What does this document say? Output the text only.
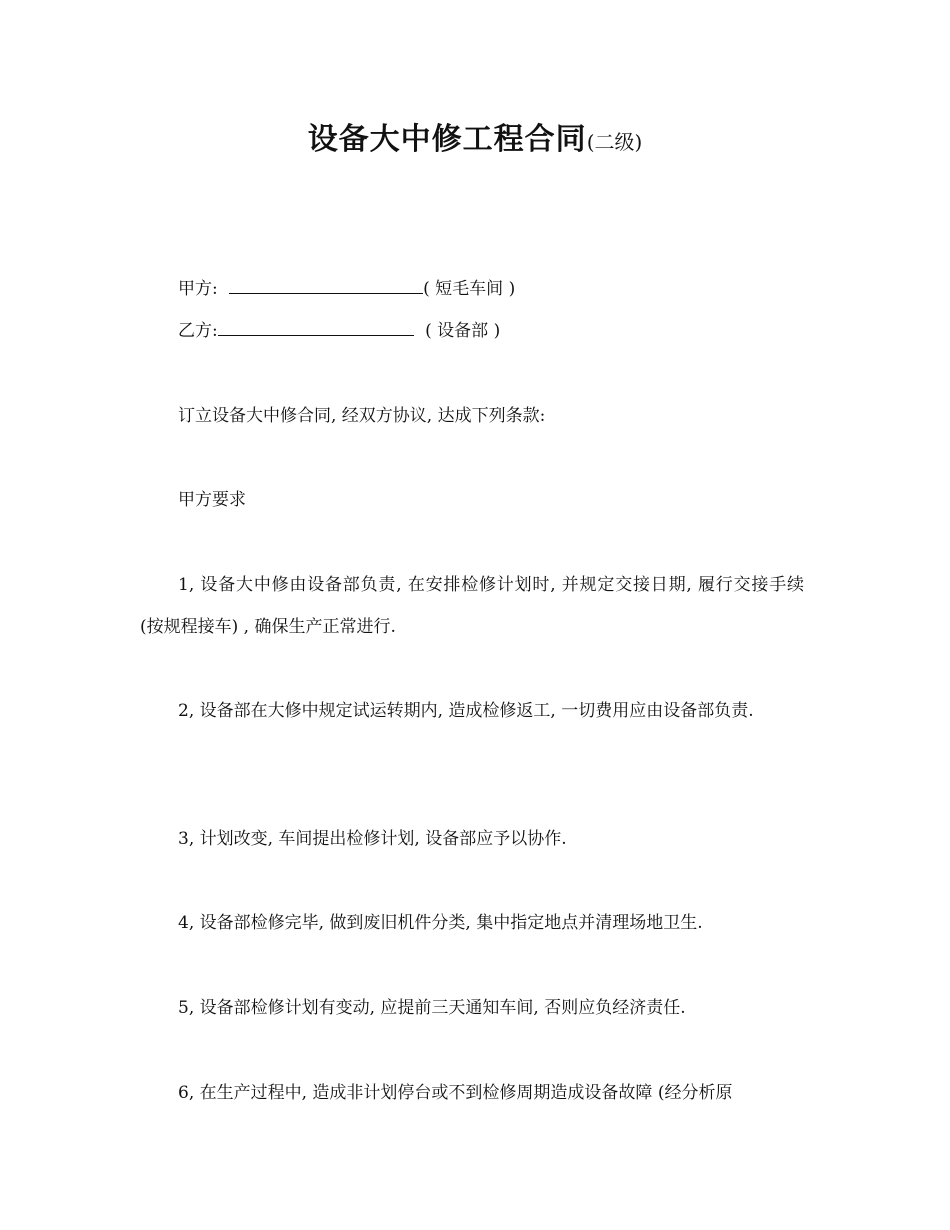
设备大中修工程合同(二级)
甲方:	( 短毛车间 )
乙方:	( 设备部 )
订立设备大中修合同, 经双方协议, 达成下列条款:
甲方要求
1, 设备大中修由设备部负责, 在安排检修计划时, 并规定交接日期, 履行交接手续 (按规程接车) , 确保生产正常进行.
2, 设备部在大修中规定试运转期内, 造成检修返工, 一切费用应由设备部负责.
3, 计划改变, 车间提出检修计划, 设备部应予以协作.
4, 设备部检修完毕, 做到废旧机件分类, 集中指定地点并清理场地卫生.
5, 设备部检修计划有变动, 应提前三天通知车间, 否则应负经济责任.
6, 在生产过程中, 造成非计划停台或不到检修周期造成设备故障 (经分析原
